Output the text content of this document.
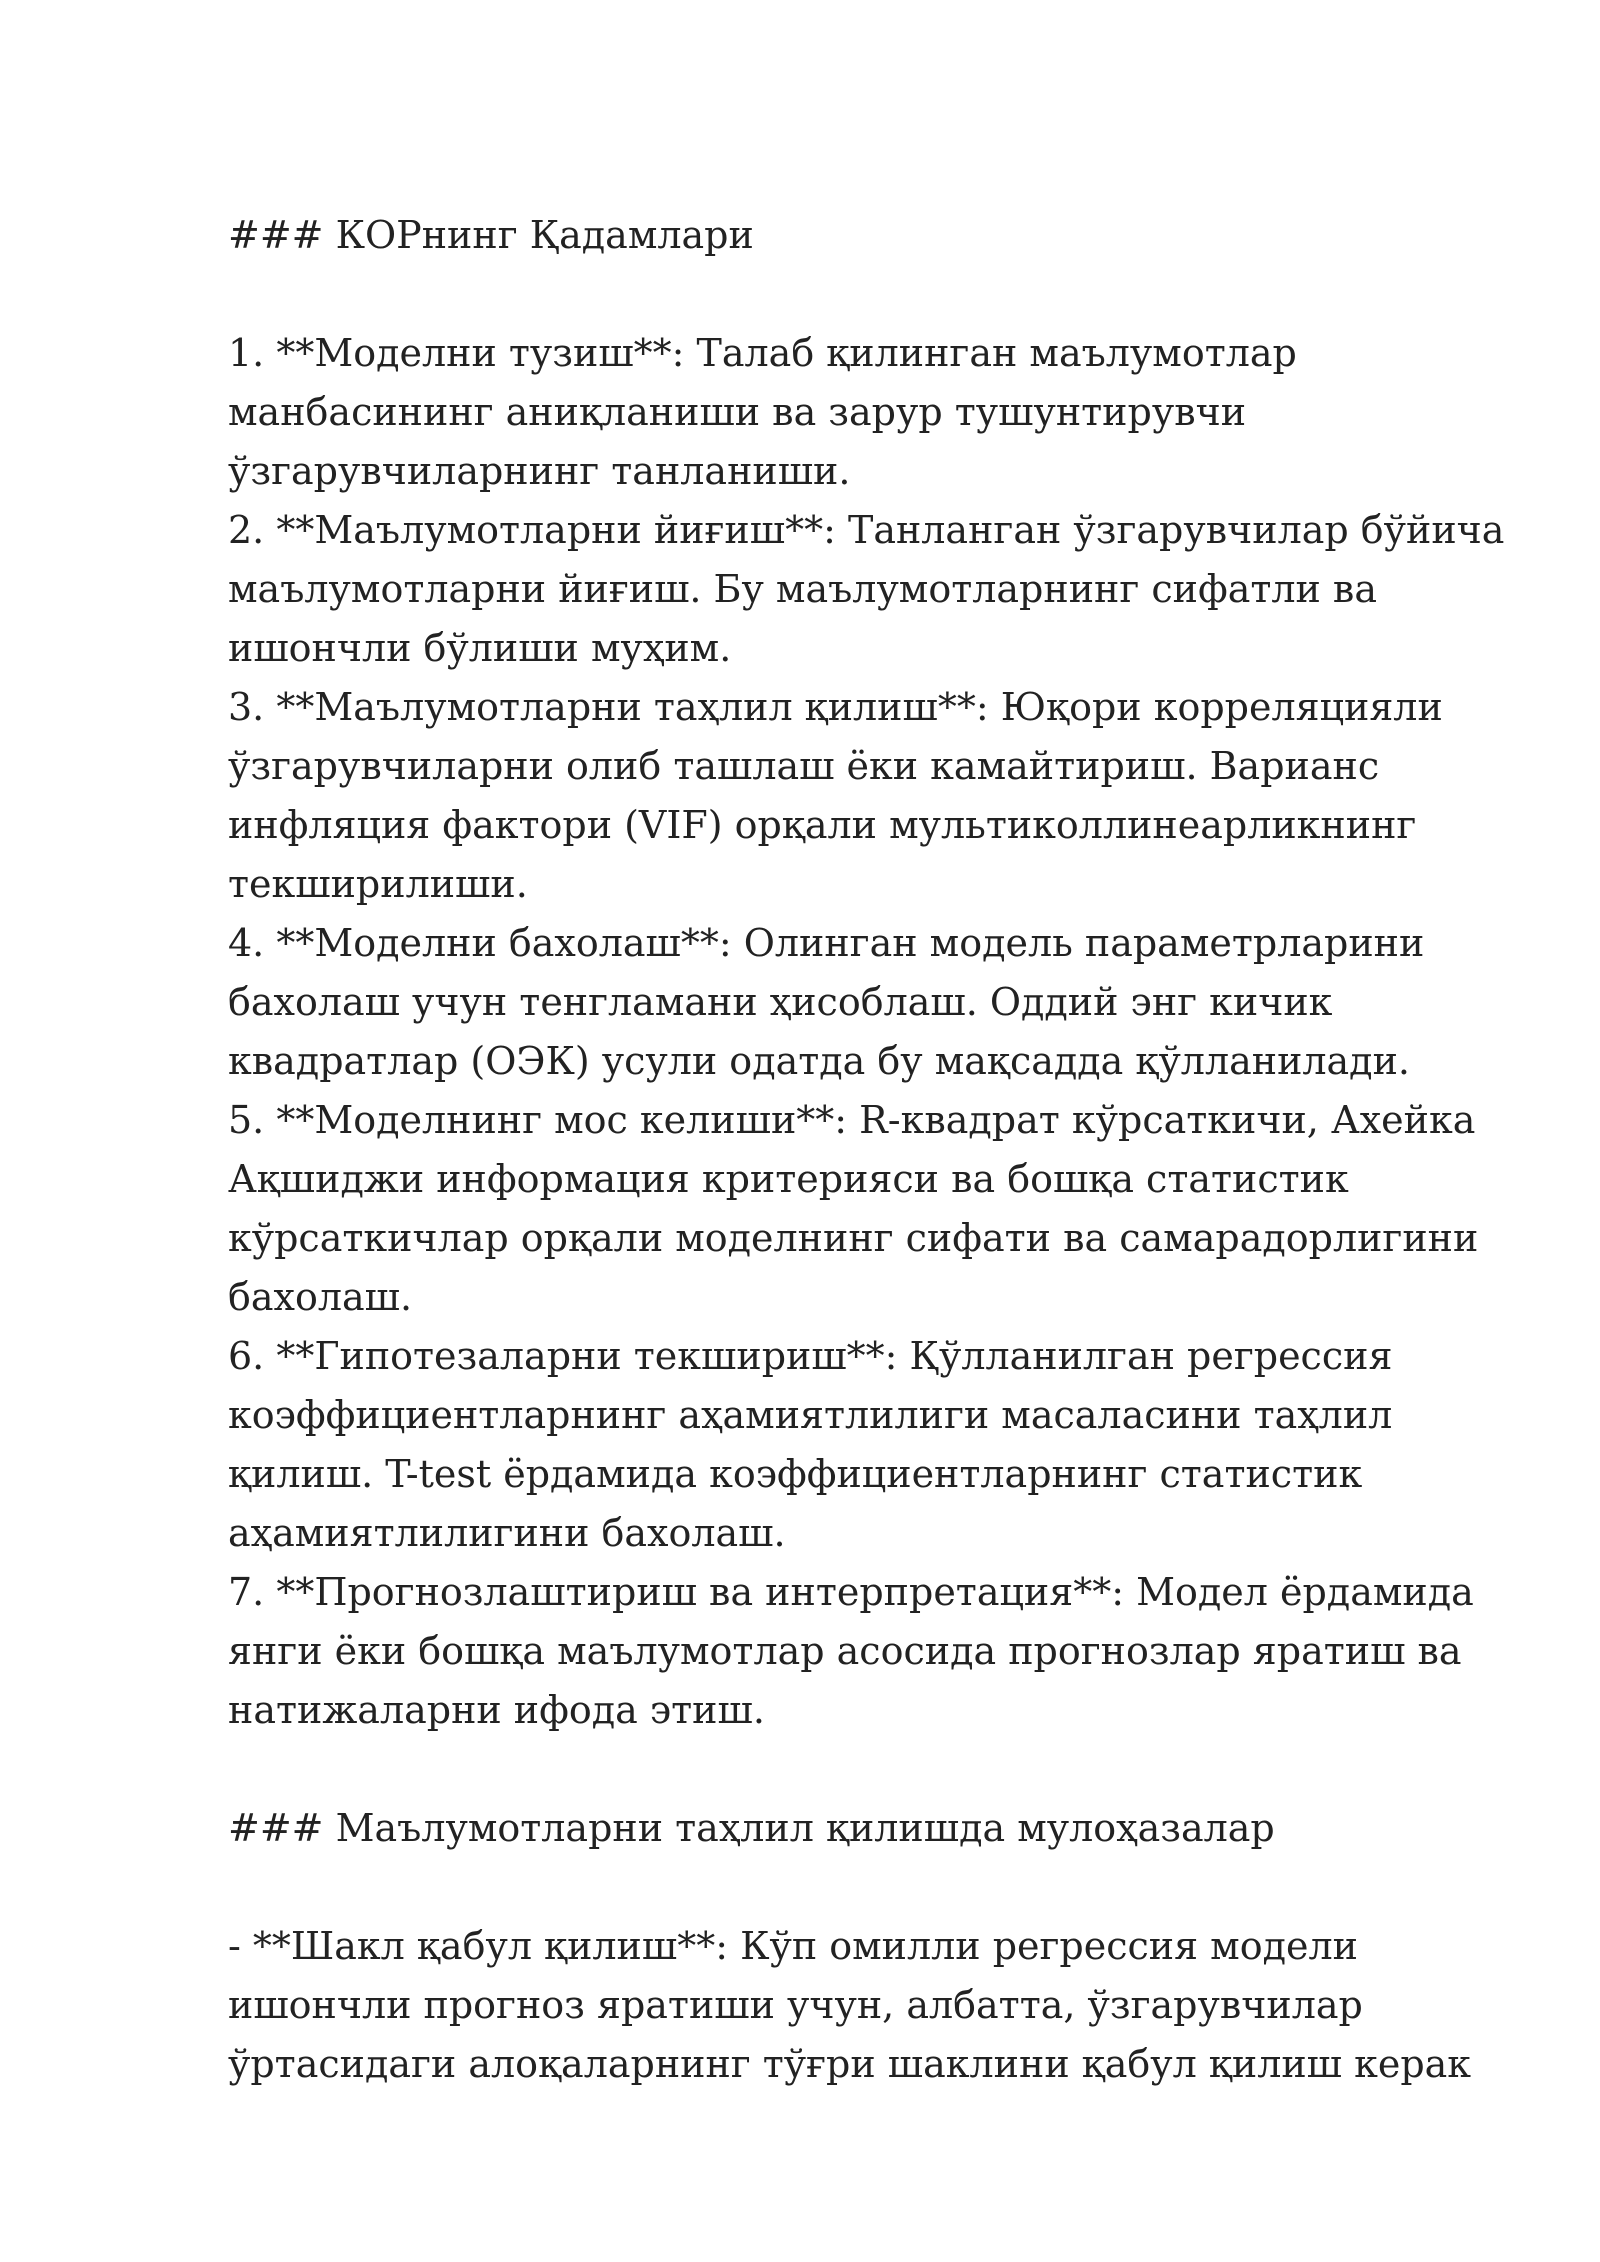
### КОРнинг Қадамлари
1. **Моделни тузиш**: Талаб қилинган маълумотлар
манбасининг аниқланиши ва зарур тушунтирувчи
ўзгарувчиларнинг танланиши.
2. **Маълумотларни йиғиш**: Танланган ўзгарувчилар бўйича
маълумотларни йиғиш. Бу маълумотларнинг сифатли ва
ишончли бўлиши муҳим.
3. **Маълумотларни таҳлил қилиш**: Юқори корреляцияли
ўзгарувчиларни олиб ташлаш ёки камайтириш. Варианс
инфляция фактори (VIF) орқали мультиколлинеарликнинг
текширилиши.
4. **Моделни бахолаш**: Олинган модель параметрларини
бахолаш учун тенгламани ҳисоблаш. Оддий энг кичик
квадратлар (ОЭК) усули одатда бу мақсадда қўлланилади.
5. **Моделнинг мос келиши**: R-квадрат кўрсаткичи, Ахейка
Ақшиджи информация критерияси ва бошқа статистик
кўрсаткичлар орқали моделнинг сифати ва самарадорлигини
бахолаш.
6. **Гипотезаларни текшириш**: Қўлланилган регрессия
коэффициентларнинг аҳамиятлилиги масаласини таҳлил
қилиш. T-test ёрдамида коэффициентларнинг статистик
аҳамиятлилигини бахолаш.
7. **Прогнозлаштириш ва интерпретация**: Модел ёрдамида
янги ёки бошқа маълумотлар асосида прогнозлар яратиш ва
натижаларни ифода этиш.
### Маълумотларни таҳлил қилишда мулоҳазалар
- **Шакл қабул қилиш**: Кўп омилли регрессия модели
ишончли прогноз яратиши учун, албатта, ўзгарувчилар
ўртасидаги алоқаларнинг тўғри шаклини қабул қилиш керак
